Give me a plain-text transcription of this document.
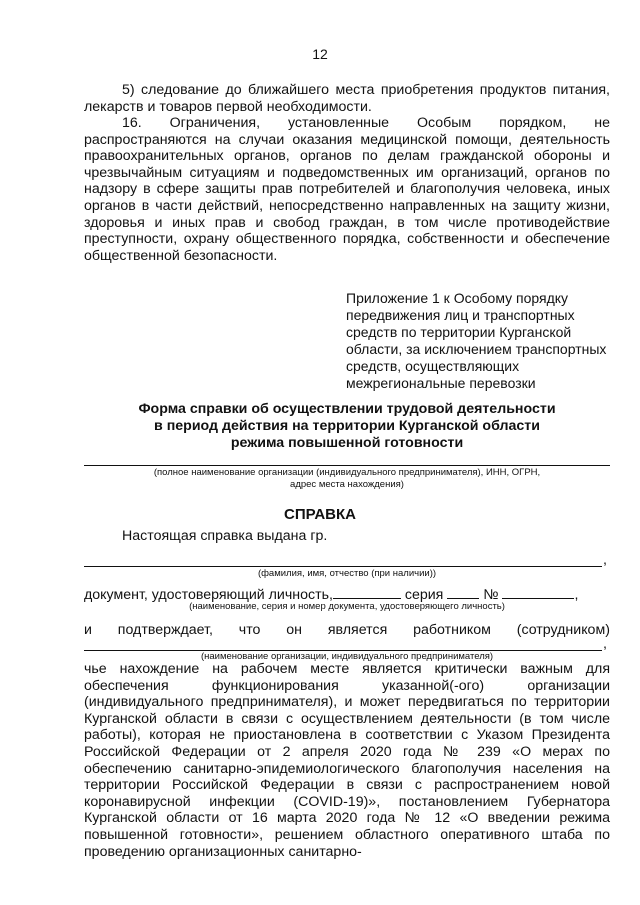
12

5) следование до ближайшего места приобретения продуктов питания, лекарств и товаров первой необходимости.

16. Ограничения, установленные Особым порядком, не распространяются на случаи оказания медицинской помощи, деятельность правоохранительных органов, органов по делам гражданской обороны и чрезвычайным ситуациям и подведомственных им организаций, органов по надзору в сфере защиты прав потребителей и благополучия человека, иных органов в части действий, непосредственно направленных на защиту жизни, здоровья и иных прав и свобод граждан, в том числе противодействие преступности, охрану общественного порядка, собственности и обеспечение общественной безопасности.

Приложение 1 к Особому порядку
передвижения лиц и транспортных
средств по территории Курганской
области, за исключением транспортных
средств, осуществляющих
межрегиональные перевозки
Форма справки об осуществлении трудовой деятельности
в период действия на территории Курганской области
режима повышенной готовности
(полное наименование организации (индивидуального предпринимателя), ИНН, ОГРН,
адрес места нахождения)
СПРАВКА
Настоящая справка выдана гр.
,
(фамилия, имя, отчество (при наличии))
документ, удостоверяющий личность,	серия	№	,
(наименование, серия и номер документа, удостоверяющего личность)
и подтверждает, что он является работником (сотрудником)
,
(наименование организации, индивидуального предпринимателя)

чье нахождение на рабочем месте является критически важным для обеспечения функционирования указанной(-ого) организации (индивидуального предпринимателя), и может передвигаться по территории Курганской области в связи с осуществлением деятельности (в том числе работы), которая не приостановлена в соответствии с Указом Президента Российской Федерации от 2 апреля 2020 года № 239 «О мерах по обеспечению санитарно-эпидемиологического благополучия населения на территории Российской Федерации в связи с распространением новой коронавирусной инфекции (COVID-19)», постановлением Губернатора Курганской области от 16 марта 2020 года № 12 «О введении режима повышенной готовности», решением областного оперативного штаба по проведению организационных санитарно-
